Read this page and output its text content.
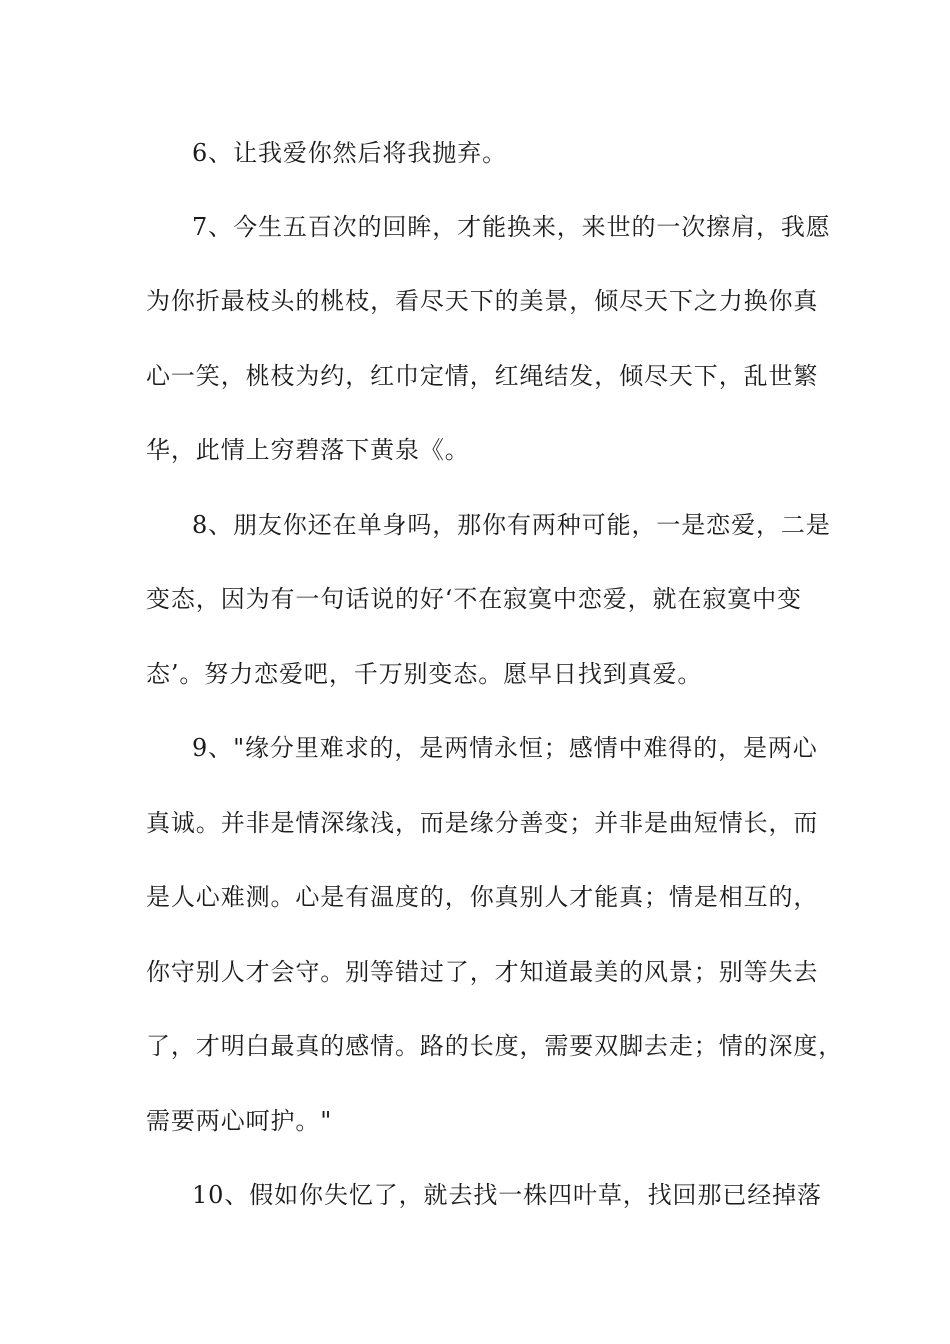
6、让我爱你然后将我抛弃。
7、今生五百次的回眸，才能换来，来世的一次擦肩，我愿
为你折最枝头的桃枝，看尽天下的美景，倾尽天下之力换你真
心一笑，桃枝为约，红巾定情，红绳结发，倾尽天下，乱世繁
华，此情上穷碧落下黄泉《。
8、朋友你还在单身吗，那你有两种可能，一是恋爱，二是
变态，因为有一句话说的好‘不在寂寞中恋爱，就在寂寞中变
态’。努力恋爱吧，千万别变态。愿早日找到真爱。
9、"缘分里难求的，是两情永恒；感情中难得的，是两心
真诚。并非是情深缘浅，而是缘分善变；并非是曲短情长，而
是人心难测。心是有温度的，你真别人才能真；情是相互的，
你守别人才会守。别等错过了，才知道最美的风景；别等失去
了，才明白最真的感情。路的长度，需要双脚去走；情的深度，
需要两心呵护。"
10、假如你失忆了，就去找一株四叶草，找回那已经掉落
